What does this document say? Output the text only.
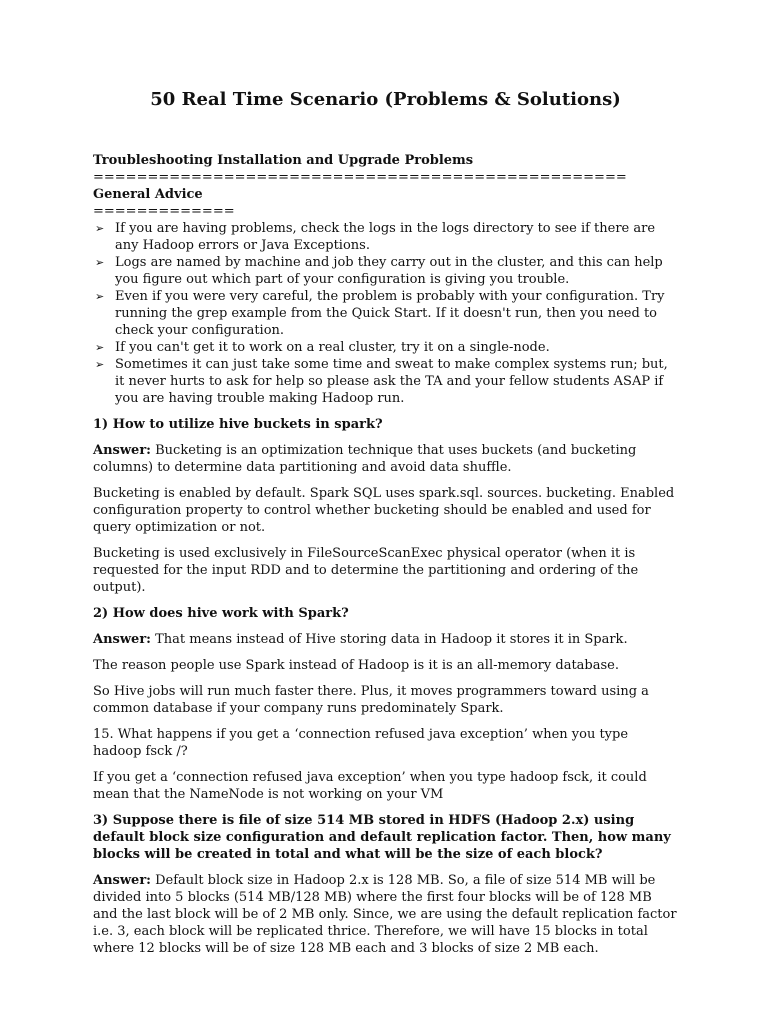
50 Real Time Scenario (Problems & Solutions)
Troubleshooting Installation and Upgrade Problems
=================================================
General Advice
=============
➢ If you are having problems, check the logs in the logs directory to see if there are any Hadoop errors or Java Exceptions.
➢ Logs are named by machine and job they carry out in the cluster, and this can help you figure out which part of your configuration is giving you trouble.
➢ Even if you were very careful, the problem is probably with your configuration. Try running the grep example from the Quick Start. If it doesn't run, then you need to check your configuration.
➢ If you can't get it to work on a real cluster, try it on a single-node.
➢ Sometimes it can just take some time and sweat to make complex systems run; but, it never hurts to ask for help so please ask the TA and your fellow students ASAP if you are having trouble making Hadoop run.
1) How to utilize hive buckets in spark?

Answer: Bucketing is an optimization technique that uses buckets (and bucketing columns) to determine data partitioning and avoid data shuffle.

Bucketing is enabled by default. Spark SQL uses spark.sql. sources. bucketing. Enabled configuration property to control whether bucketing should be enabled and used for query optimization or not.

Bucketing is used exclusively in FileSourceScanExec physical operator (when it is requested for the input RDD and to determine the partitioning and ordering of the output).

2) How does hive work with Spark?

Answer: That means instead of Hive storing data in Hadoop it stores it in Spark.

The reason people use Spark instead of Hadoop is it is an all-memory database.

So Hive jobs will run much faster there. Plus, it moves programmers toward using a common database if your company runs predominately Spark.

15. What happens if you get a ‘connection refused java exception’ when you type hadoop fsck /?

If you get a ‘connection refused java exception’ when you type hadoop fsck, it could mean that the NameNode is not working on your VM

3) Suppose there is file of size 514 MB stored in HDFS (Hadoop 2.x) using default block size configuration and default replication factor. Then, how many blocks will be created in total and what will be the size of each block?

Answer: Default block size in Hadoop 2.x is 128 MB. So, a file of size 514 MB will be divided into 5 blocks (514 MB/128 MB) where the first four blocks will be of 128 MB and the last block will be of 2 MB only. Since, we are using the default replication factor i.e. 3, each block will be replicated thrice. Therefore, we will have 15 blocks in total where 12 blocks will be of size 128 MB each and 3 blocks of size 2 MB each.
